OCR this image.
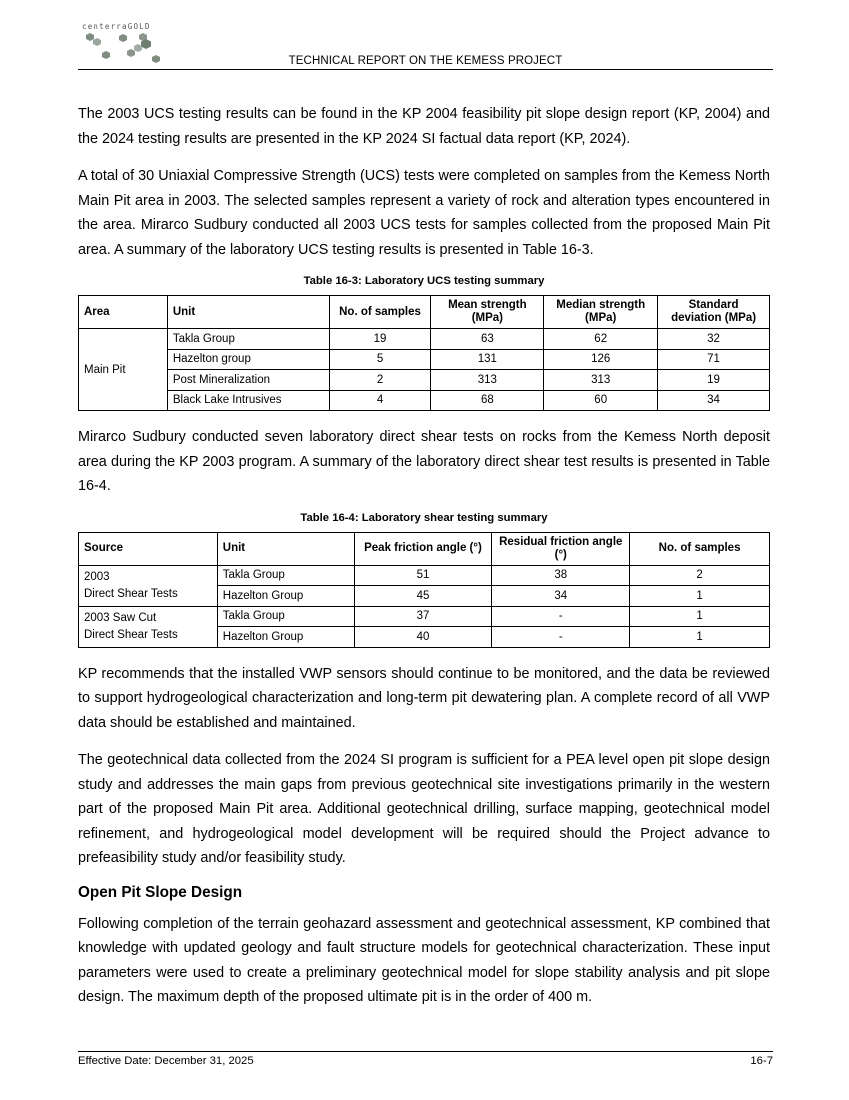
centerraGOLD
TECHNICAL REPORT ON THE KEMESS PROJECT

The 2003 UCS testing results can be found in the KP 2004 feasibility pit slope design report (KP, 2004) and the 2024 testing results are presented in the KP 2024 SI factual data report (KP, 2024).

A total of 30 Uniaxial Compressive Strength (UCS) tests were completed on samples from the Kemess North Main Pit area in 2003. The selected samples represent a variety of rock and alteration types encountered in the area. Mirarco Sudbury conducted all 2003 UCS tests for samples collected from the proposed Main Pit area. A summary of the laboratory UCS testing results is presented in Table 16-3.

Table 16-3: Laboratory UCS testing summary
Area	Unit	No. of samples	Mean strength (MPa)	Median strength (MPa)	Standard deviation (MPa)
Main Pit	Takla Group	19	63	62	32
	Hazelton group	5	131	126	71
	Post Mineralization	2	313	313	19
	Black Lake Intrusives	4	68	60	34

Mirarco Sudbury conducted seven laboratory direct shear tests on rocks from the Kemess North deposit area during the KP 2003 program. A summary of the laboratory direct shear test results is presented in Table 16-4.

Table 16-4: Laboratory shear testing summary
Source	Unit	Peak friction angle (°)	Residual friction angle (°)	No. of samples

2003
Direct Shear Tests	Takla Group	51	38	2
	Hazelton Group	45	34	1

2003 Saw Cut
Direct Shear Tests	Takla Group	37	-	1
	Hazelton Group	40	-	1

KP recommends that the installed VWP sensors should continue to be monitored, and the data be reviewed to support hydrogeological characterization and long-term pit dewatering plan. A complete record of all VWP data should be established and maintained.

The geotechnical data collected from the 2024 SI program is sufficient for a PEA level open pit slope design study and addresses the main gaps from previous geotechnical site investigations primarily in the western part of the proposed Main Pit area. Additional geotechnical drilling, surface mapping, geotechnical model refinement, and hydrogeological model development will be required should the Project advance to prefeasibility study and/or feasibility study.

Open Pit Slope Design

Following completion of the terrain geohazard assessment and geotechnical assessment, KP combined that knowledge with updated geology and fault structure models for geotechnical characterization. These input parameters were used to create a preliminary geotechnical model for slope stability analysis and pit slope design. The maximum depth of the proposed ultimate pit is in the order of 400 m.

Effective Date: December 31, 2025	16-7
